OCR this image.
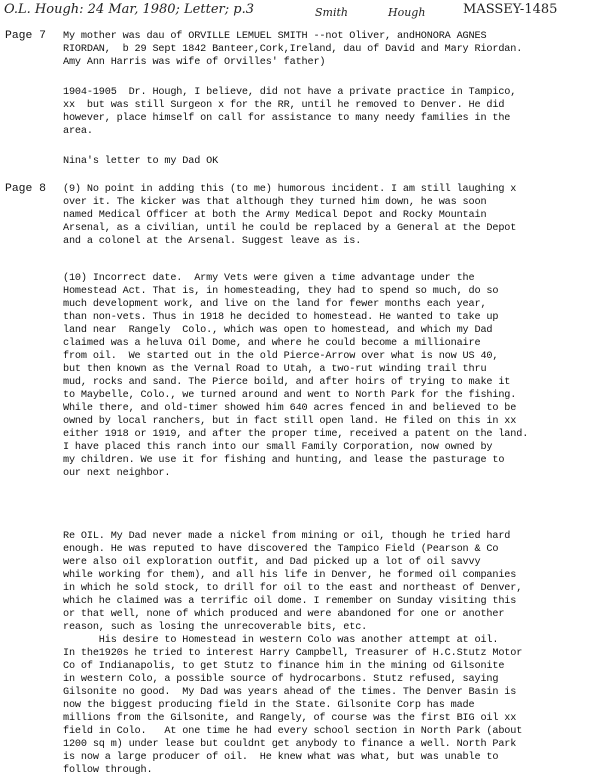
O.L. Hough: 24 Mar, 1980; Letter; p.3	Smith	Hough	MASSEY-1485
Page 7 My mother was dau of ORVILLE LEMUEL SMITH --not Oliver, andHONORA AGNES
RIORDAN,  b 29 Sept 1842 Banteer,Cork,Ireland, dau of David and Mary Riordan.
Amy Ann Harris was wife of Orvilles' father)
1904-1905  Dr. Hough, I believe, did not have a private practice in Tampico,
xx  but was still Surgeon x for the RR, until he removed to Denver. He did
however, place himself on call for assistance to many needy families in the
area.
Nina's letter to my Dad OK
Page 8 (9) No point in adding this (to me) humorous incident. I am still laughing x
over it. The kicker was that although they turned him down, he was soon
named Medical Officer at both the Army Medical Depot and Rocky Mountain
Arsenal, as a civilian, until he could be replaced by a General at the Depot
and a colonel at the Arsenal. Suggest leave as is.
(10) Incorrect date.  Army Vets were given a time advantage under the
Homestead Act. That is, in homesteading, they had to spend so much, do so
much development work, and live on the land for fewer months each year,
than non-vets. Thus in 1918 he decided to homestead. He wanted to take up
land near  Rangely  Colo., which was open to homestead, and which my Dad
claimed was a heluva Oil Dome, and where he could become a millionaire
from oil.  We started out in the old Pierce-Arrow over what is now US 40,
but then known as the Vernal Road to Utah, a two-rut winding trail thru
mud, rocks and sand. The Pierce boild, and after hoirs of trying to make it
to Maybelle, Colo., we turned around and went to North Park for the fishing.
While there, and old-timer showed him 640 acres fenced in and believed to be
owned by local ranchers, but in fact still open land. He filed on this in xx
either 1918 or 1919, and after the proper time, received a patent on the land.
I have placed this ranch into our small Family Corporation, now owned by
my children. We use it for fishing and hunting, and lease the pasturage to
our next neighbor.
Re OIL. My Dad never made a nickel from mining or oil, though he tried hard
enough. He was reputed to have discovered the Tampico Field (Pearson & Co
were also oil exploration outfit, and Dad picked up a lot of oil savvy
while working for them), and all his life in Denver, he formed oil companies
in which he sold stock, to drill for oil to the east and northeast of Denver,
which he claimed was a terrific oil dome. I remember on Sunday visiting this
or that well, none of which produced and were abandoned for one or another
reason, such as losing the unrecoverable bits, etc.
His desire to Homestead in western Colo was another attempt at oil.
In the1920s he tried to interest Harry Campbell, Treasurer of H.C.Stutz Motor
Co of Indianapolis, to get Stutz to finance him in the mining od Gilsonite
in western Colo, a possible source of hydrocarbons. Stutz refused, saying
Gilsonite no good.  My Dad was years ahead of the times. The Denver Basin is
now the biggest producing field in the State. Gilsonite Corp has made
millions from the Gilsonite, and Rangely, of course was the first BIG oil xx
field in Colo.   At one time he had every school section in North Park (about
1200 sq m) under lease but couldnt get anybody to finance a well. North Park
is now a large producer of oil.  He knew what was what, but was unable to
follow through.
